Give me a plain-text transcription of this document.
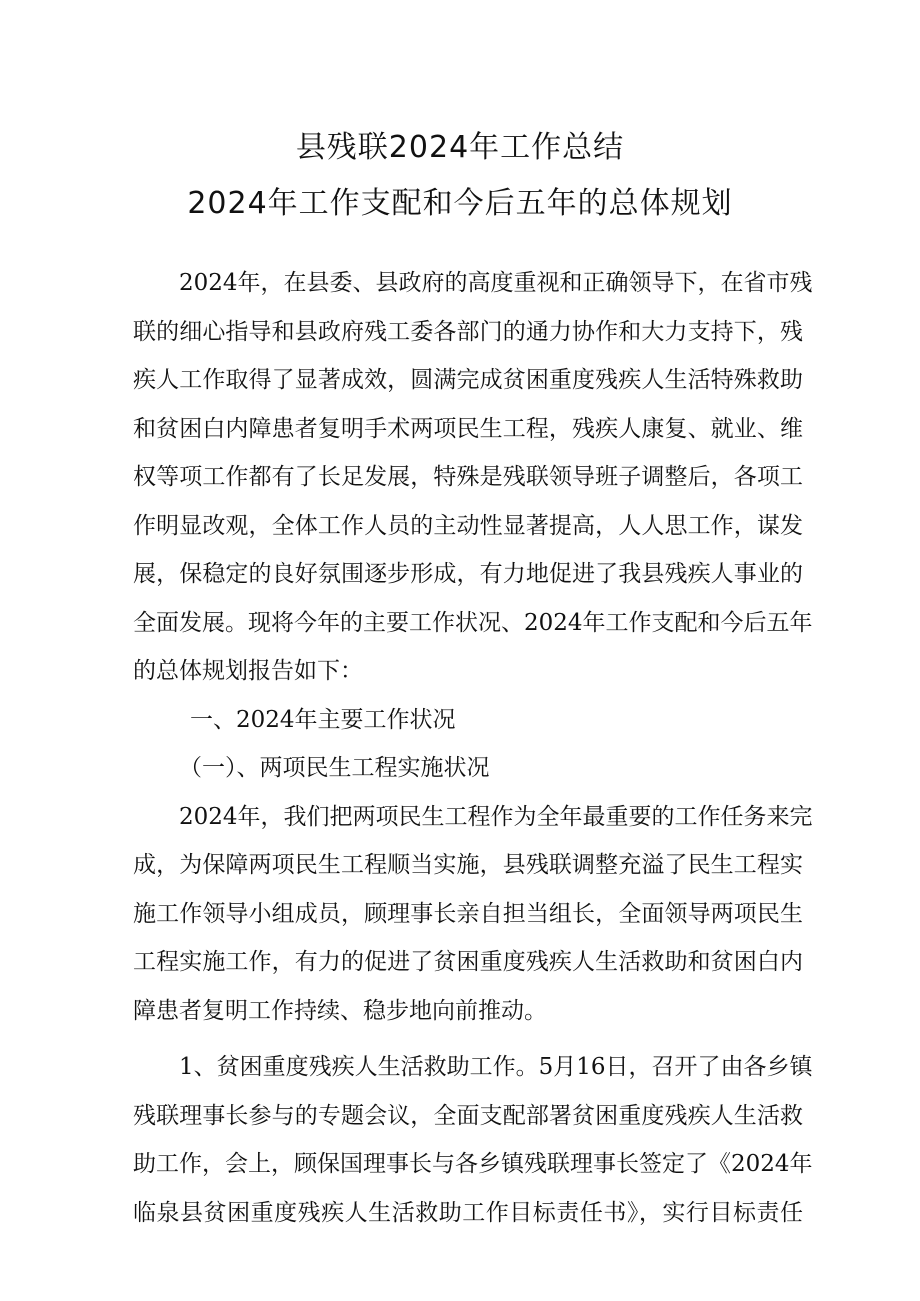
县残联2024年工作总结
2024年工作支配和今后五年的总体规划
2024年，在县委、县政府的高度重视和正确领导下，在省市残
联的细心指导和县政府残工委各部门的通力协作和大力支持下，残
疾人工作取得了显著成效，圆满完成贫困重度残疾人生活特殊救助
和贫困白内障患者复明手术两项民生工程，残疾人康复、就业、维
权等项工作都有了长足发展，特殊是残联领导班子调整后，各项工
作明显改观，全体工作人员的主动性显著提高，人人思工作，谋发
展，保稳定的良好氛围逐步形成，有力地促进了我县残疾人事业的
全面发展。现将今年的主要工作状况、2024年工作支配和今后五年
的总体规划报告如下：
一、2024年主要工作状况
（一）、两项民生工程实施状况
2024年，我们把两项民生工程作为全年最重要的工作任务来完
成，为保障两项民生工程顺当实施，县残联调整充溢了民生工程实
施工作领导小组成员，顾理事长亲自担当组长，全面领导两项民生
工程实施工作，有力的促进了贫困重度残疾人生活救助和贫困白内
障患者复明工作持续、稳步地向前推动。
1、贫困重度残疾人生活救助工作。5月16日，召开了由各乡镇
残联理事长参与的专题会议，全面支配部署贫困重度残疾人生活救
助工作，会上，顾保国理事长与各乡镇残联理事长签定了《2024年
临泉县贫困重度残疾人生活救助工作目标责任书》，实行目标责任
